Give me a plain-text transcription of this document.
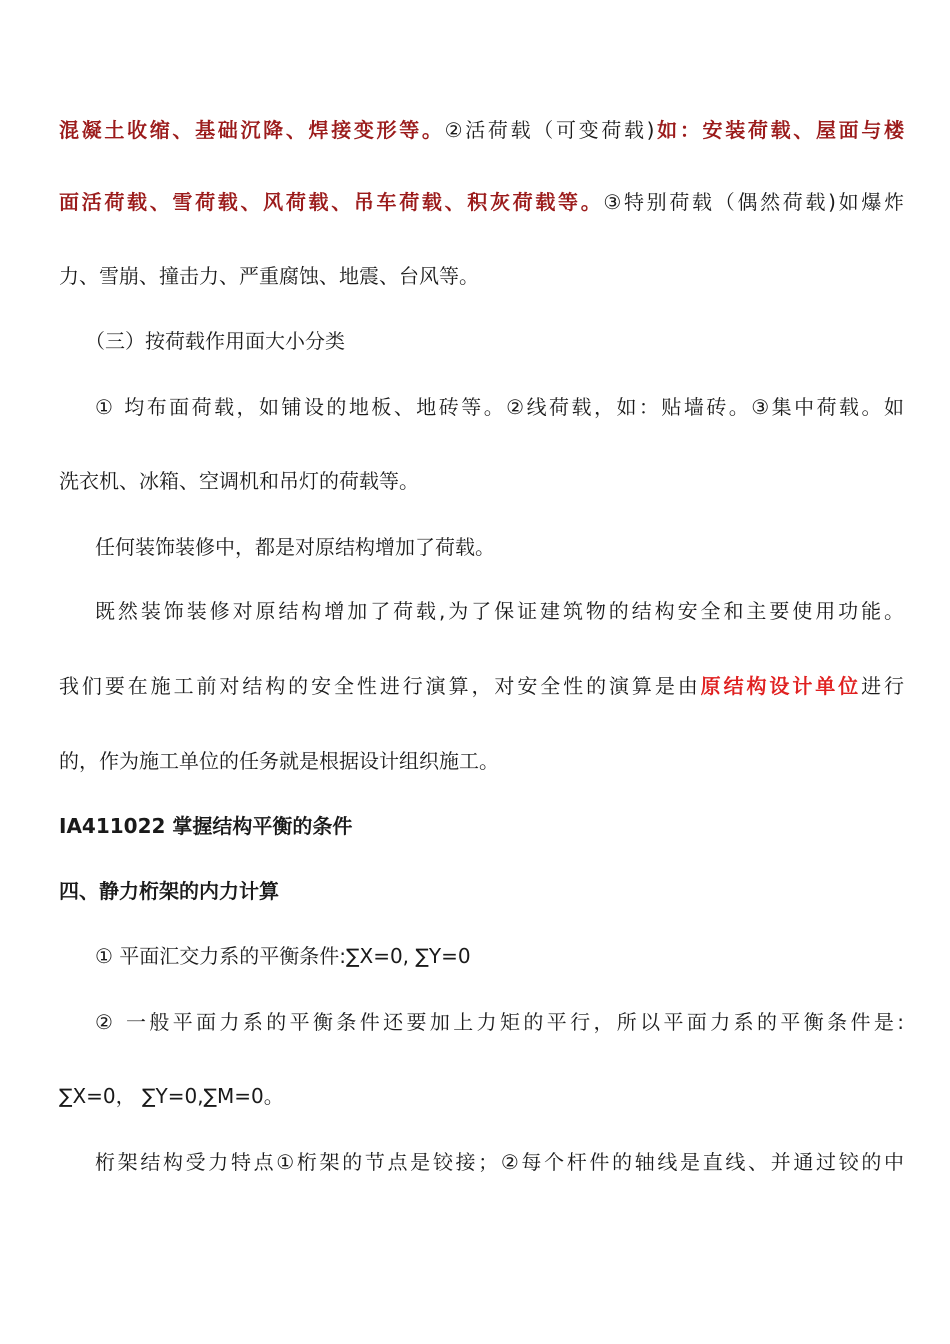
混凝土收缩、基础沉降、焊接变形等。②活荷载（可变荷载)如：安装荷载、屋面与楼
面活荷载、雪荷载、风荷载、吊车荷载、积灰荷载等。③特别荷载（偶然荷载)如爆炸
力、雪崩、撞击力、严重腐蚀、地震、台风等。
（三）按荷载作用面大小分类
① 均布面荷载，如铺设的地板、地砖等。②线荷载，如：贴墙砖。③集中荷载。如
洗衣机、冰箱、空调机和吊灯的荷载等。
任何装饰装修中，都是对原结构增加了荷载。
既然装饰装修对原结构增加了荷载,为了保证建筑物的结构安全和主要使用功能。
我们要在施工前对结构的安全性进行演算，对安全性的演算是由原结构设计单位进行
的，作为施工单位的任务就是根据设计组织施工。
IA411022 掌握结构平衡的条件
四、静力桁架的内力计算
① 平面汇交力系的平衡条件:∑X=0, ∑Y=0
② 一般平面力系的平衡条件还要加上力矩的平行，所以平面力系的平衡条件是:
∑X=0， ∑Y=0,∑M=0。
桁架结构受力特点①桁架的节点是铰接；②每个杆件的轴线是直线、并通过铰的中
